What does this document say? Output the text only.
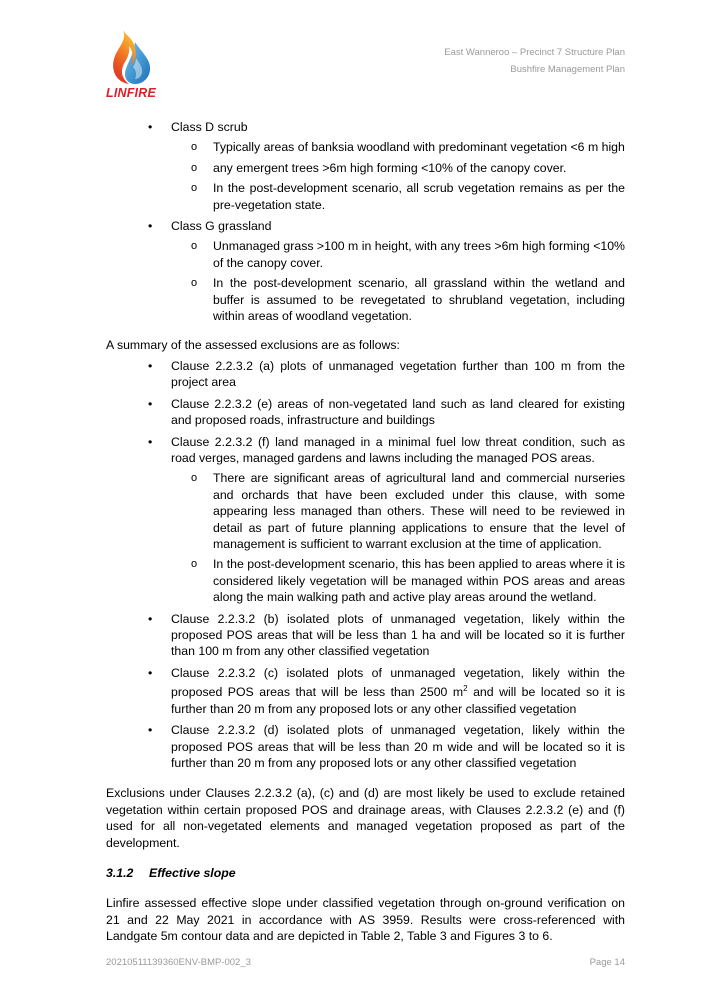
LINFIRE
East Wanneroo – Precinct 7 Structure Plan
Bushfire Management Plan
• Class D scrub
o Typically areas of banksia woodland with predominant vegetation <6 m high
o any emergent trees >6m high forming <10% of the canopy cover.
o In the post-development scenario, all scrub vegetation remains as per the pre-vegetation state.
• Class G grassland
o Unmanaged grass >100 m in height, with any trees >6m high forming <10% of the canopy cover.
o In the post-development scenario, all grassland within the wetland and buffer is assumed to be revegetated to shrubland vegetation, including within areas of woodland vegetation.

A summary of the assessed exclusions are as follows:

• Clause 2.2.3.2 (a) plots of unmanaged vegetation further than 100 m from the project area
• Clause 2.2.3.2 (e) areas of non-vegetated land such as land cleared for existing and proposed roads, infrastructure and buildings
• Clause 2.2.3.2 (f) land managed in a minimal fuel low threat condition, such as road verges, managed gardens and lawns including the managed POS areas.
o There are significant areas of agricultural land and commercial nurseries and orchards that have been excluded under this clause, with some appearing less managed than others. These will need to be reviewed in detail as part of future planning applications to ensure that the level of management is sufficient to warrant exclusion at the time of application.
o In the post-development scenario, this has been applied to areas where it is considered likely vegetation will be managed within POS areas and areas along the main walking path and active play areas around the wetland.
• Clause 2.2.3.2 (b) isolated plots of unmanaged vegetation, likely within the proposed POS areas that will be less than 1 ha and will be located so it is further than 100 m from any other classified vegetation
• Clause 2.2.3.2 (c) isolated plots of unmanaged vegetation, likely within the proposed POS areas that will be less than 2500 $m^2$ and will be located so it is further than 20 m from any proposed lots or any other classified vegetation
• Clause 2.2.3.2 (d) isolated plots of unmanaged vegetation, likely within the proposed POS areas that will be less than 20 m wide and will be located so it is further than 20 m from any proposed lots or any other classified vegetation

Exclusions under Clauses 2.2.3.2 (a), (c) and (d) are most likely be used to exclude retained vegetation within certain proposed POS and drainage areas, with Clauses 2.2.3.2 (e) and (f) used for all non-vegetated elements and managed vegetation proposed as part of the development.

3.1.2 Effective slope

Linfire assessed effective slope under classified vegetation through on-ground verification on 21 and 22 May 2021 in accordance with AS 3959. Results were cross-referenced with Landgate 5m contour data and are depicted in Table 2, Table 3 and Figures 3 to 6.

20210511139360ENV-BMP-002_3	Page 14
